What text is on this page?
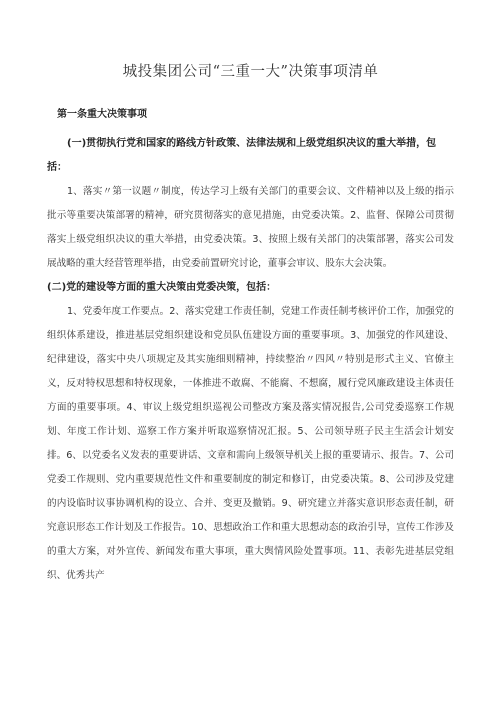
城投集团公司“三重一大”决策事项清单

第一条重大决策事项

(一)贯彻执行党和国家的路线方针政策、法律法规和上级党组织决议的重大举措，包括：

1、落实〃第一议题〃制度，传达学习上级有关部门的重要会议、文件精神以及上级的指示批示等重要决策部署的精神，研究贯彻落实的意见措施，由党委决策。2、监督、保障公司贯彻落实上级党组织决议的重大举措，由党委决策。3、按照上级有关部门的决策部署，落实公司发展战略的重大经营管理举措，由党委前置研究讨论，董事会审议、股东大会决策。

(二)党的建设等方面的重大决策由党委决策，包括：

1、党委年度工作要点。2、落实党建工作责任制，党建工作责任制考核评价工作，加强党的组织体系建设，推进基层党组织建设和党员队伍建设方面的重要事项。3、加强党的作风建设、纪律建设，落实中央八项规定及其实施细则精神，持续整治〃四风〃特别是形式主义、官僚主义，反对特权思想和特权现象，一体推进不敢腐、不能腐、不想腐，履行党风廉政建设主体责任方面的重要事项。4、审议上级党组织巡视公司整改方案及落实情况报告,公司党委巡察工作规划、年度工作计划、巡察工作方案并听取巡察情况汇报。5、公司领导班子民主生活会计划安排。6、以党委名义发表的重要讲话、文章和需向上级领导机关上报的重要请示、报告。7、公司党委工作规则、党内重要规范性文件和重要制度的制定和修订，由党委决策。8、公司涉及党建的内设临时议事协调机构的设立、合并、变更及撤销。9、研究建立并落实意识形态责任制，研究意识形态工作计划及工作报告。10、思想政治工作和重大思想动态的政治引导，宣传工作涉及的重大方案，对外宣传、新闻发布重大事项，重大舆情风险处置事项。11、表彰先进基层党组织、优秀共产
